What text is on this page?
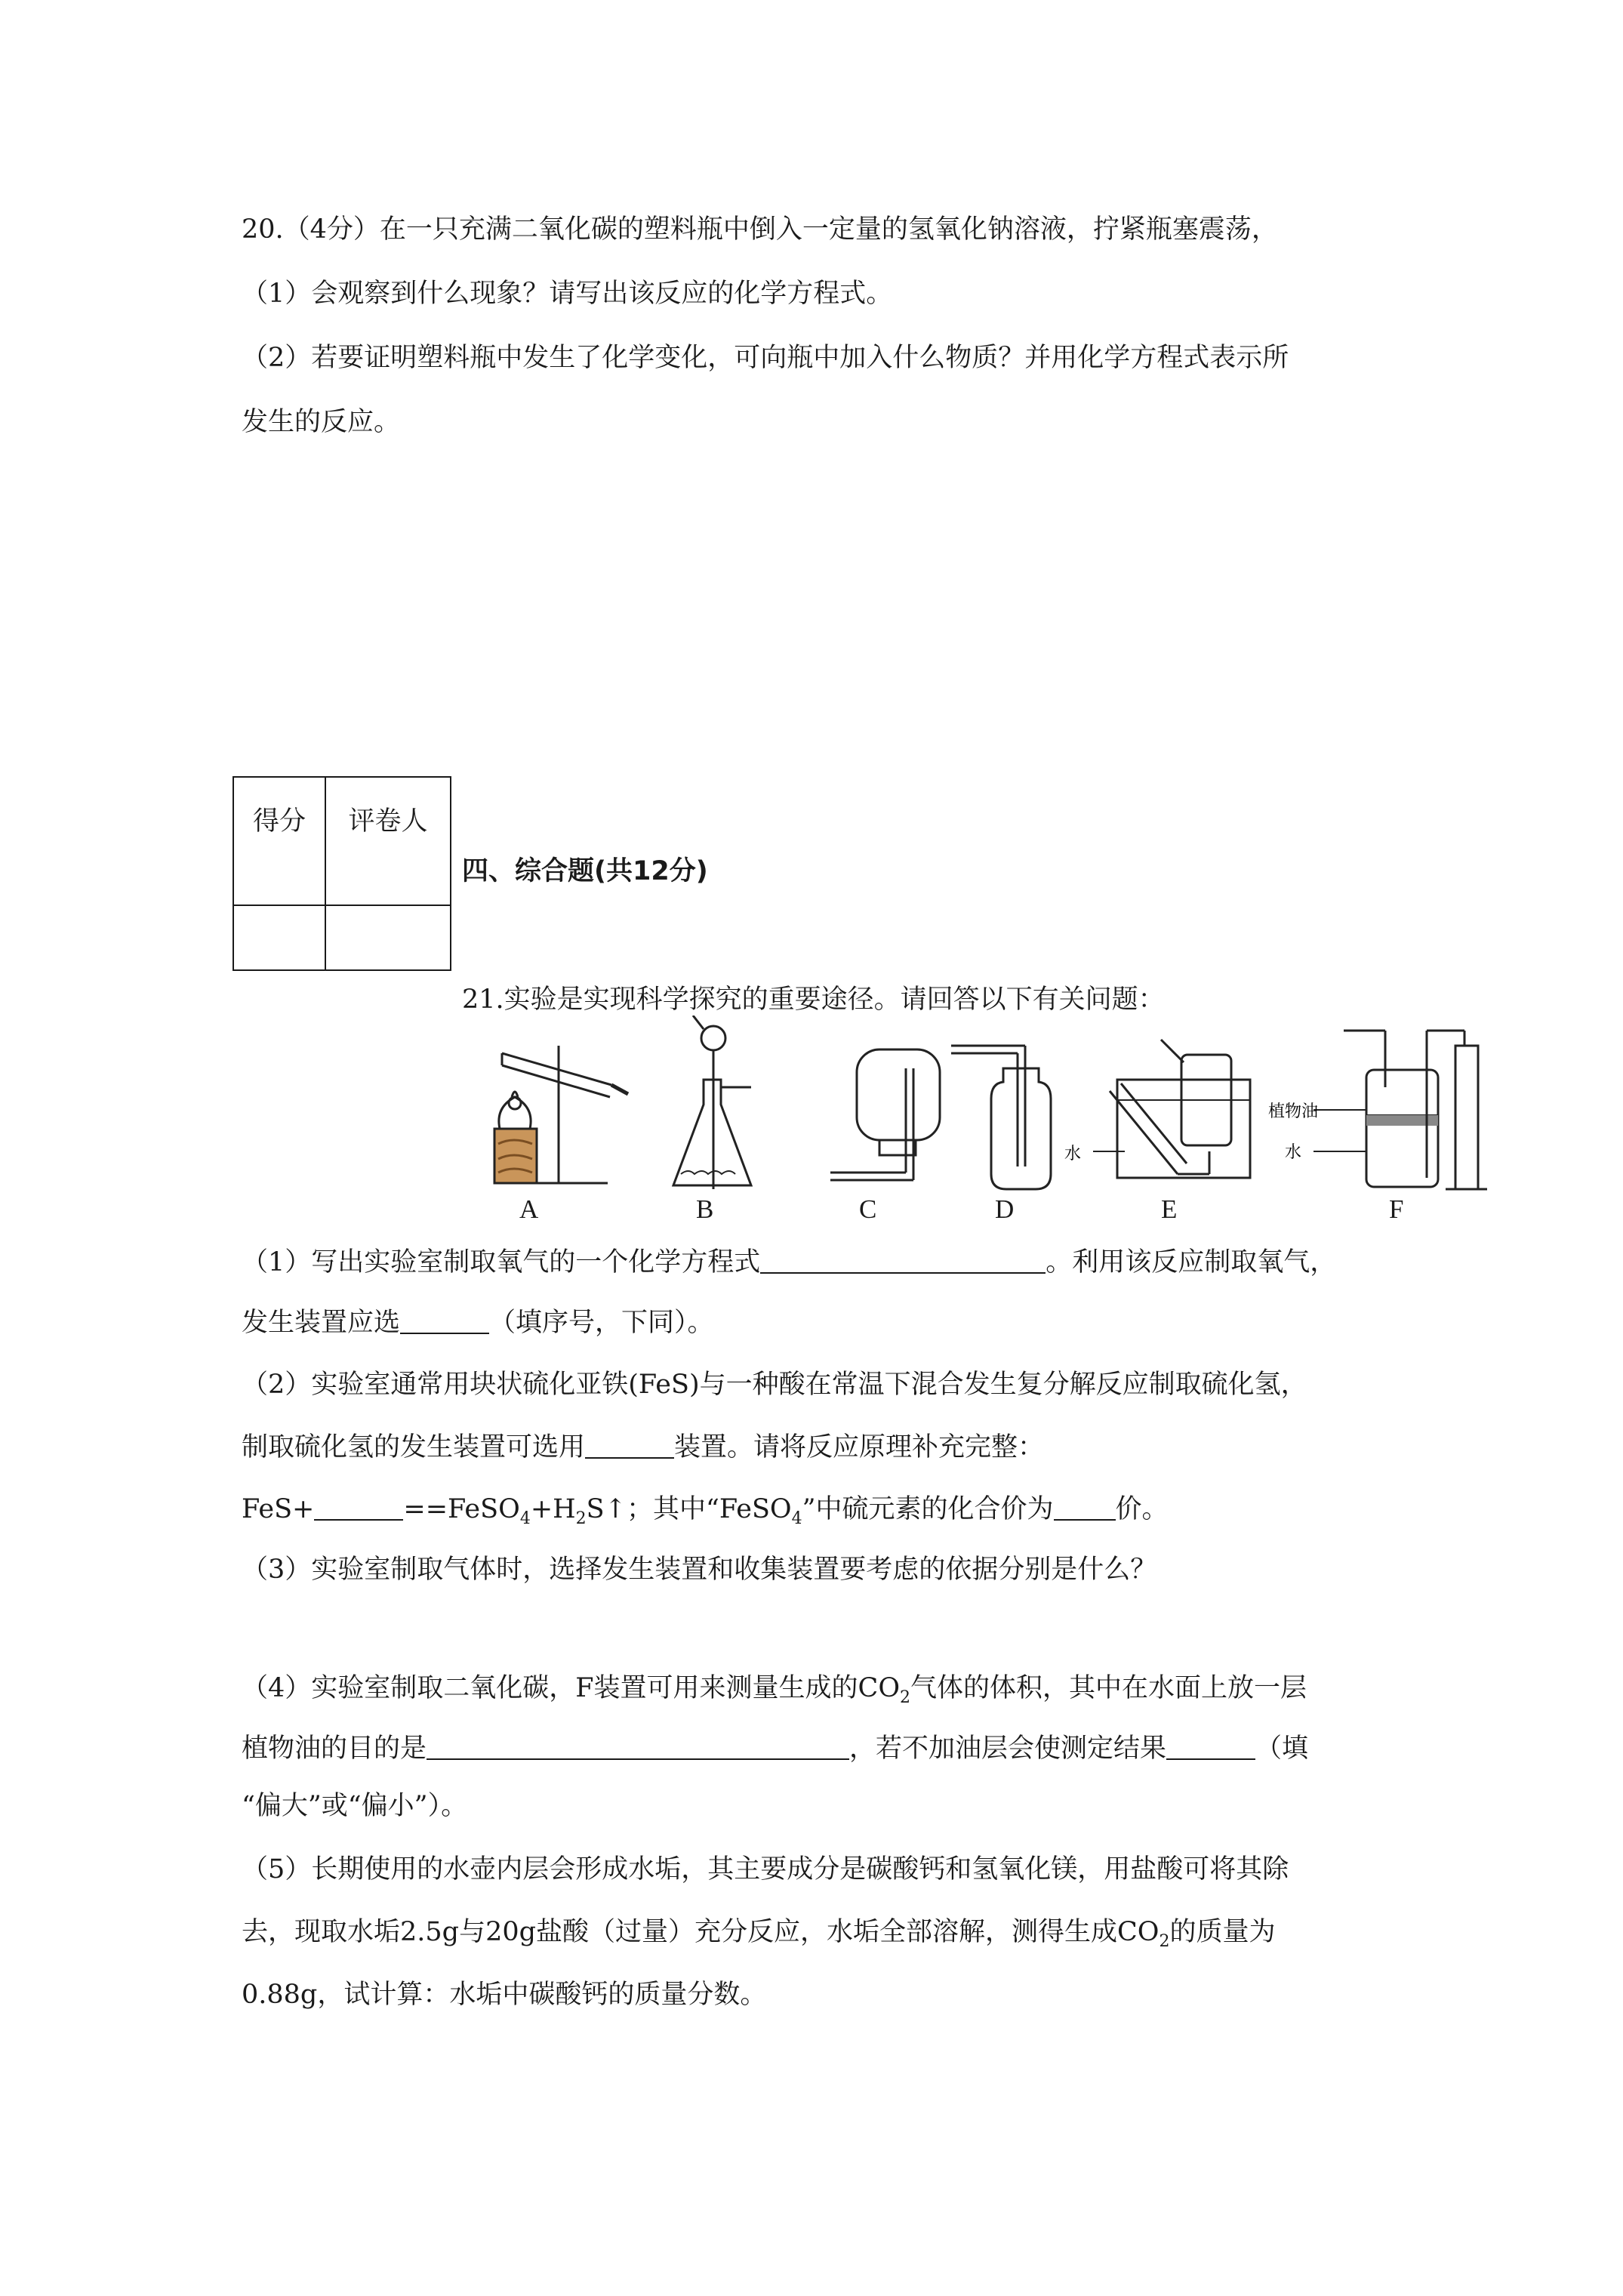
20.（4分）在一只充满二氧化碳的塑料瓶中倒入一定量的氢氧化钠溶液，拧紧瓶塞震荡，
（1）会观察到什么现象？请写出该反应的化学方程式。
（2）若要证明塑料瓶中发生了化学变化，可向瓶中加入什么物质？并用化学方程式表示所
发生的反应。
得分	评卷人

四、综合题(共12分)
21.实验是实现科学探究的重要途径。请回答以下有关问题：
水
植物油
水
A	B	C	D	E	F
（1）写出实验室制取氧气的一个化学方程式	。利用该反应制取氧气，
发生装置应选	（填序号，下同）。
（2）实验室通常用块状硫化亚铁(FeS)与一种酸在常温下混合发生复分解反应制取硫化氢，
制取硫化氢的发生装置可选用	装置。请将反应原理补充完整：
FeS+	$==FeSO_4+H_2S↑$；其中“FeSO$_4$”中硫元素的化合价为 价。
（3）实验室制取气体时，选择发生装置和收集装置要考虑的依据分别是什么？
（4）实验室制取二氧化碳，F装置可用来测量生成的$CO_2$气体的体积，其中在水面上放一层
植物油的目的是	，若不加油层会使测定结果	（填
“偏大”或“偏小”）。
（5）长期使用的水壶内层会形成水垢，其主要成分是碳酸钙和氢氧化镁，用盐酸可将其除
去，现取水垢2.5g与20g盐酸（过量）充分反应，水垢全部溶解，测得生成$CO_2$的质量为
0.88g，试计算：水垢中碳酸钙的质量分数。
